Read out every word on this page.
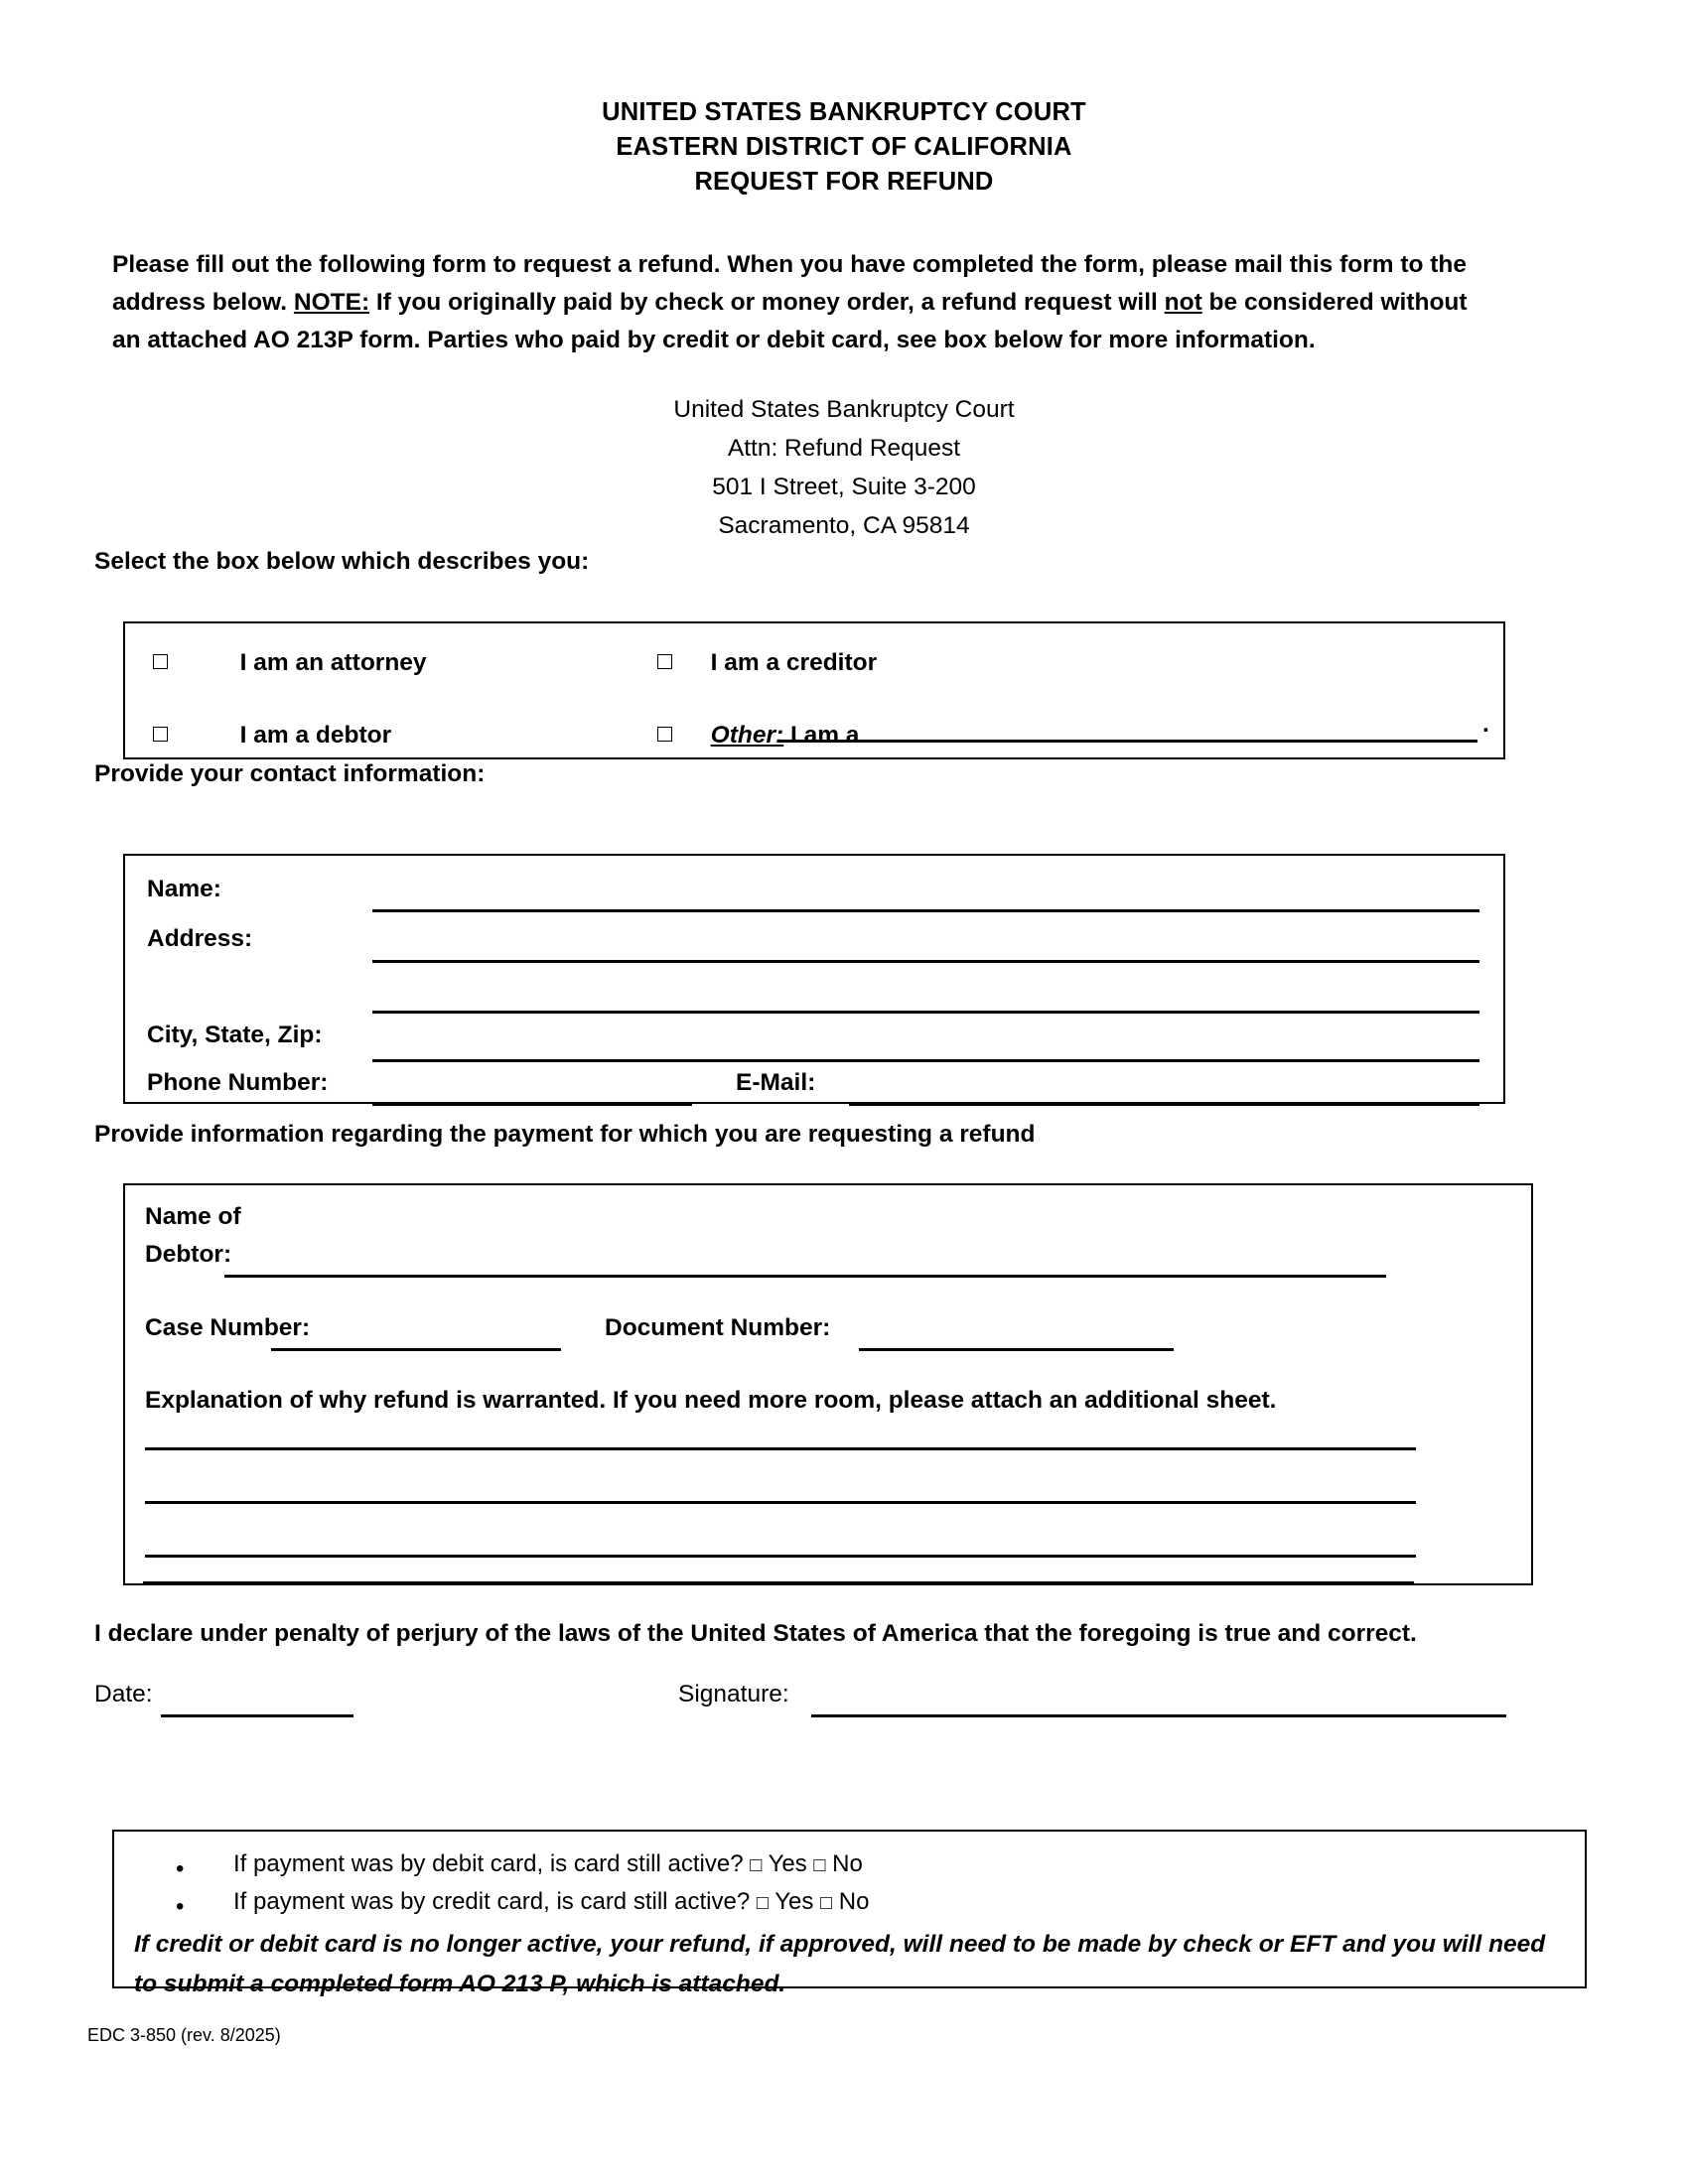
UNITED STATES BANKRUPTCY COURT
EASTERN DISTRICT OF CALIFORNIA
REQUEST FOR REFUND
Please fill out the following form to request a refund. When you have completed the form, please mail this form to the address below. NOTE: If you originally paid by check or money order, a refund request will not be considered without an attached AO 213P form. Parties who paid by credit or debit card, see box below for more information.
United States Bankruptcy Court
Attn: Refund Request
501 I Street, Suite 3-200
Sacramento, CA 95814
Select the box below which describes you:
I am an attorney	I am a creditor
I am a debtor	Other: I am a	.
Provide your contact information:
Name:
Address:
City, State, Zip:
Phone Number:	E-Mail:
Provide information regarding the payment for which you are requesting a refund
Name of
Debtor:
Case Number:	Document Number:
Explanation of why refund is warranted. If you need more room, please attach an additional sheet.
I declare under penalty of perjury of the laws of the United States of America that the foregoing is true and correct.
Date:	Signature:
• If payment was by debit card, is card still active? □ Yes □ No
• If payment was by credit card, is card still active? □ Yes □ No
If credit or debit card is no longer active, your refund, if approved, will need to be made by check or EFT and you will need to submit a completed form AO 213 P, which is attached.
EDC 3-850 (rev. 8/2025)
